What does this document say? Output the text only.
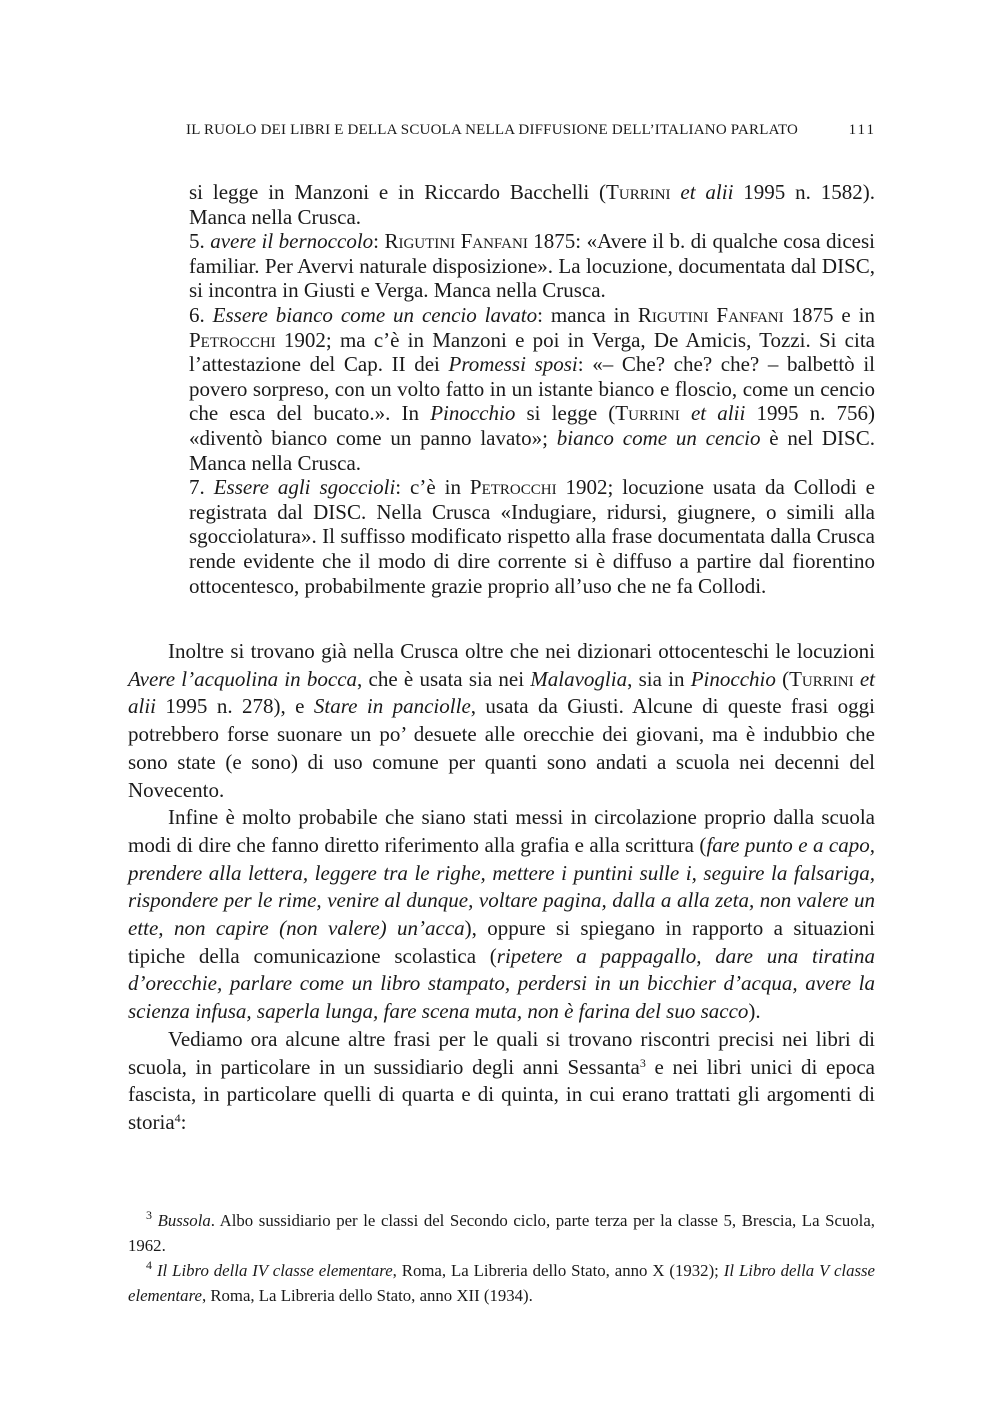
IL RUOLO DEI LIBRI E DELLA SCUOLA NELLA DIFFUSIONE DELL’ITALIANO PARLATO	111

si legge in Manzoni e in Riccardo Bacchelli (Turrini et alii 1995 n. 1582). Manca nella Crusca.

5. avere il bernoccolo: Rigutini Fanfani 1875: «Avere il b. di qualche cosa dicesi familiar. Per Avervi naturale disposizione». La locuzione, documentata dal DISC, si incontra in Giusti e Verga. Manca nella Crusca.

6. Essere bianco come un cencio lavato: manca in Rigutini Fanfani 1875 e in Petrocchi 1902; ma c’è in Manzoni e poi in Verga, De Amicis, Tozzi. Si cita l’attestazione del Cap. II dei Promessi sposi: «– Che? che? che? – balbettò il povero sorpreso, con un volto fatto in un istante bianco e floscio, come un cencio che esca del bucato.». In Pinocchio si legge (Turrini et alii 1995 n. 756) «diventò bianco come un panno lavato»; bianco come un cencio è nel DISC. Manca nella Crusca.

7. Essere agli sgoccioli: c’è in Petrocchi 1902; locuzione usata da Collodi e registrata dal DISC. Nella Crusca «Indugiare, ridursi, giugnere, o simili alla sgocciolatura». Il suffisso modificato rispetto alla frase documentata dalla Crusca rende evidente che il modo di dire corrente si è diffuso a partire dal fiorentino ottocentesco, probabilmente grazie proprio all’uso che ne fa Collodi.

Inoltre si trovano già nella Crusca oltre che nei dizionari ottocenteschi le locuzioni Avere l’acquolina in bocca, che è usata sia nei Malavoglia, sia in Pinocchio (Turrini et alii 1995 n. 278), e Stare in panciolle, usata da Giusti. Alcune di queste frasi oggi potrebbero forse suonare un po’ desuete alle orecchie dei giovani, ma è indubbio che sono state (e sono) di uso comune per quanti sono andati a scuola nei decenni del Novecento.

Infine è molto probabile che siano stati messi in circolazione proprio dalla scuola modi di dire che fanno diretto riferimento alla grafia e alla scrittura (fare punto e a capo, prendere alla lettera, leggere tra le righe, mettere i puntini sulle i, seguire la falsariga, rispondere per le rime, venire al dunque, voltare pagina, dalla a alla zeta, non valere un ette, non capire (non valere) un’acca), oppure si spiegano in rapporto a situazioni tipiche della comunicazione scolastica (ripetere a pappagallo, dare una tiratina d’orecchie, parlare come un libro stampato, perdersi in un bicchier d’acqua, avere la scienza infusa, saperla lunga, fare scena muta, non è farina del suo sacco).

Vediamo ora alcune altre frasi per le quali si trovano riscontri precisi nei libri di scuola, in particolare in un sussidiario degli anni Sessanta$^3$ e nei libri unici di epoca fascista, in particolare quelli di quarta e di quinta, in cui erano trattati gli argomenti di storia$^4$:

$^3$ Bussola. Albo sussidiario per le classi del Secondo ciclo, parte terza per la classe 5, Brescia, La Scuola, 1962.

$^4$ Il Libro della IV classe elementare, Roma, La Libreria dello Stato, anno X (1932); Il Libro della V classe elementare, Roma, La Libreria dello Stato, anno XII (1934).
